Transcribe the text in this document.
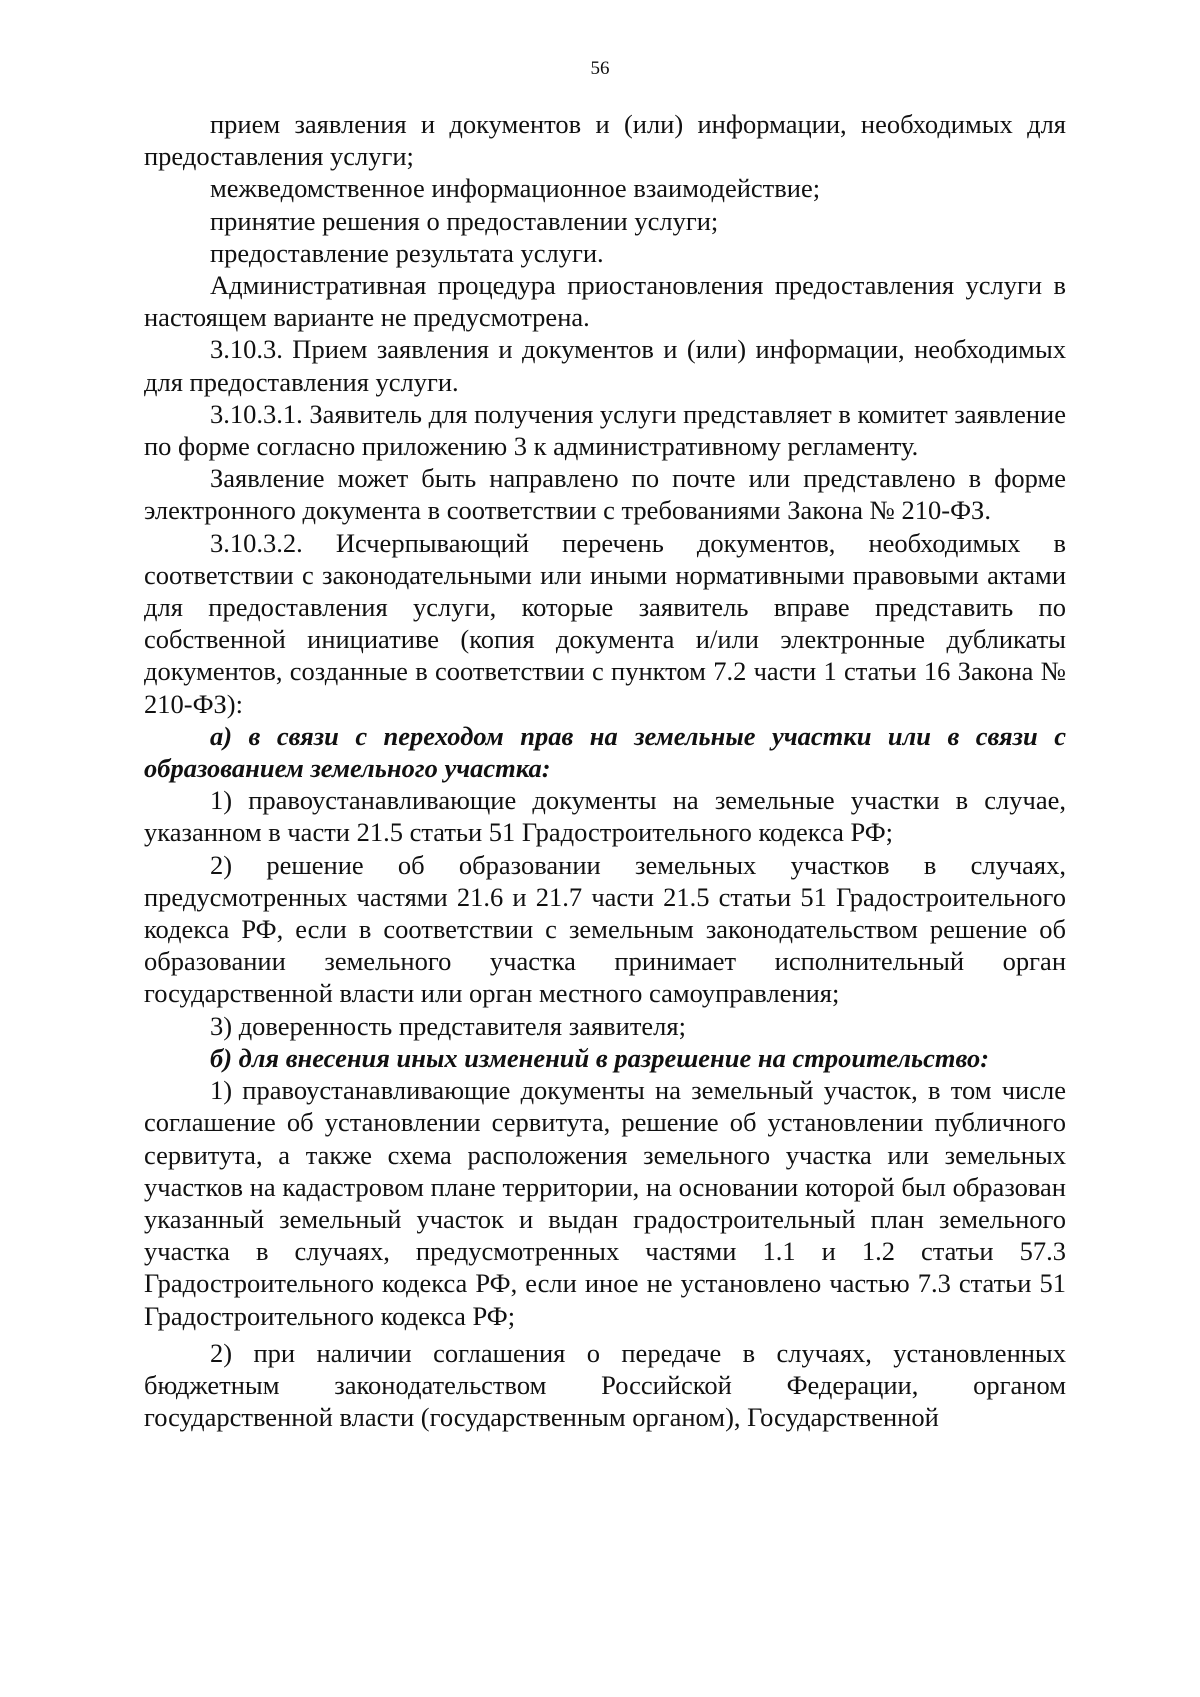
56

прием заявления и документов и (или) информации, необходимых для предоставления услуги;

межведомственное информационное взаимодействие;

принятие решения о предоставлении услуги;

предоставление результата услуги.

Административная процедура приостановления предоставления услуги в настоящем варианте не предусмотрена.

3.10.3. Прием заявления и документов и (или) информации, необходимых для предоставления услуги.

3.10.3.1. Заявитель для получения услуги представляет в комитет заявление по форме согласно приложению 3 к административному регламенту.

Заявление может быть направлено по почте или представлено в форме электронного документа в соответствии с требованиями Закона № 210-ФЗ.

3.10.3.2. Исчерпывающий перечень документов, необходимых в соответствии с законодательными или иными нормативными правовыми актами для предоставления услуги, которые заявитель вправе представить по собственной инициативе (копия документа и/или электронные дубликаты документов, созданные в соответствии с пунктом 7.2 части 1 статьи 16 Закона № 210-ФЗ):

а) в связи с переходом прав на земельные участки или в связи с образованием земельного участка:

1) правоустанавливающие документы на земельные участки в случае, указанном в части 21.5 статьи 51 Градостроительного кодекса РФ;

2) решение об образовании земельных участков в случаях, предусмотренных частями 21.6 и 21.7 части 21.5 статьи 51 Градостроительного кодекса РФ, если в соответствии с земельным законодательством решение об образовании земельного участка принимает исполнительный орган государственной власти или орган местного самоуправления;

3) доверенность представителя заявителя;

б) для внесения иных изменений в разрешение на строительство:

1) правоустанавливающие документы на земельный участок, в том числе соглашение об установлении сервитута, решение об установлении публичного сервитута, а также схема расположения земельного участка или земельных участков на кадастровом плане территории, на основании которой был образован указанный земельный участок и выдан градостроительный план земельного участка в случаях, предусмотренных частями 1.1 и 1.2 статьи 57.3 Градостроительного кодекса РФ, если иное не установлено частью 7.3 статьи 51 Градостроительного кодекса РФ;

2) при наличии соглашения о передаче в случаях, установленных бюджетным законодательством Российской Федерации, органом государственной власти (государственным органом), Государственной
